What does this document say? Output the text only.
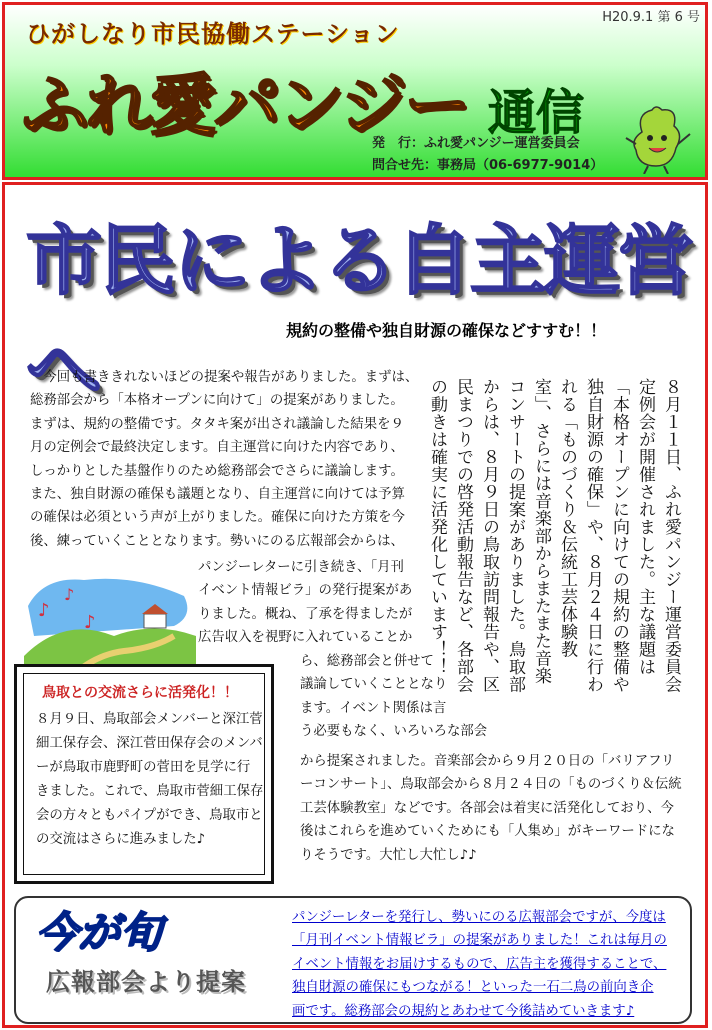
ひがしなり市民協働ステーション
H20.9.1 第 6 号
ふれ愛パンジー 通信
発　行：ふれ愛パンジー運営委員会
問合せ先：事務局（06-6977-9014）
市民による自主運営へ	規約の整備や独自財源の確保などすすむ！！
　今回も書ききれないほどの提案や報告がありました。まずは、
総務部会から「本格オープンに向けて」の提案がありました。
まずは、規約の整備です。タタキ案が出され議論した結果を９
月の定例会で最終決定します。自主運営に向けた内容であり、
しっかりとした基盤作りのため総務部会でさらに議論します。
また、独自財源の確保も議題となり、自主運営に向けては予算
の確保は必須という声が上がりました。確保に向けた方策を今
後、練っていくこととなります。勢いにのる広報部会からは、
パンジーレターに引き続き、「月刊
イベント情報ビラ」の発行提案があ
りました。概ね、了承を得ましたが
広告収入を視野に入れていることか
ら、総務部会と併せて
議論していくこととなり
ます。イベント関係は言
う必要もなく、いろいろな部会
から提案されました。音楽部会から９月２０日の「バリアフリ
ーコンサート」、鳥取部会から８月２４日の「ものづくり＆伝統
工芸体験教室」などです。各部会は着実に活発化しており、今
後はこれらを進めていくためにも「人集め」がキーワードにな
りそうです。大忙し大忙し♪♪
８月１１日、ふれ愛パンジー運営委員会定例会が開催されました。主な議題は「本格オープンに向けての規約の整備や独自財源の確保」や、８月２４日に行われる「ものづくり＆伝統工芸体験教室」、さらには音楽部からまたまた音楽コンサートの提案がありました。鳥取部からは、８月９日の鳥取訪問報告や、区民まつりでの啓発活動報告など、各部会の動きは確実に活発化しています！！
♪
♪
♪
鳥取との交流さらに活発化！！
８月９日、鳥取部会メンバーと深江菅
細工保存会、深江菅田保存会のメンバ
ーが鳥取市鹿野町の菅田を見学に行
きました。これで、鳥取市菅細工保存
会の方々ともパイプができ、鳥取市と
の交流はさらに進みました♪
今が旬
広報部会より提案
パンジーレターを発行し、勢いにのる広報部会ですが、今度は
「月刊イベント情報ビラ」の提案がありました！これは毎月の
イベント情報をお届けするもので、広告主を獲得することで、
独自財源の確保にもつながる！といった一石二鳥の前向き企
画です。総務部会の規約とあわせて今後詰めていきます♪
